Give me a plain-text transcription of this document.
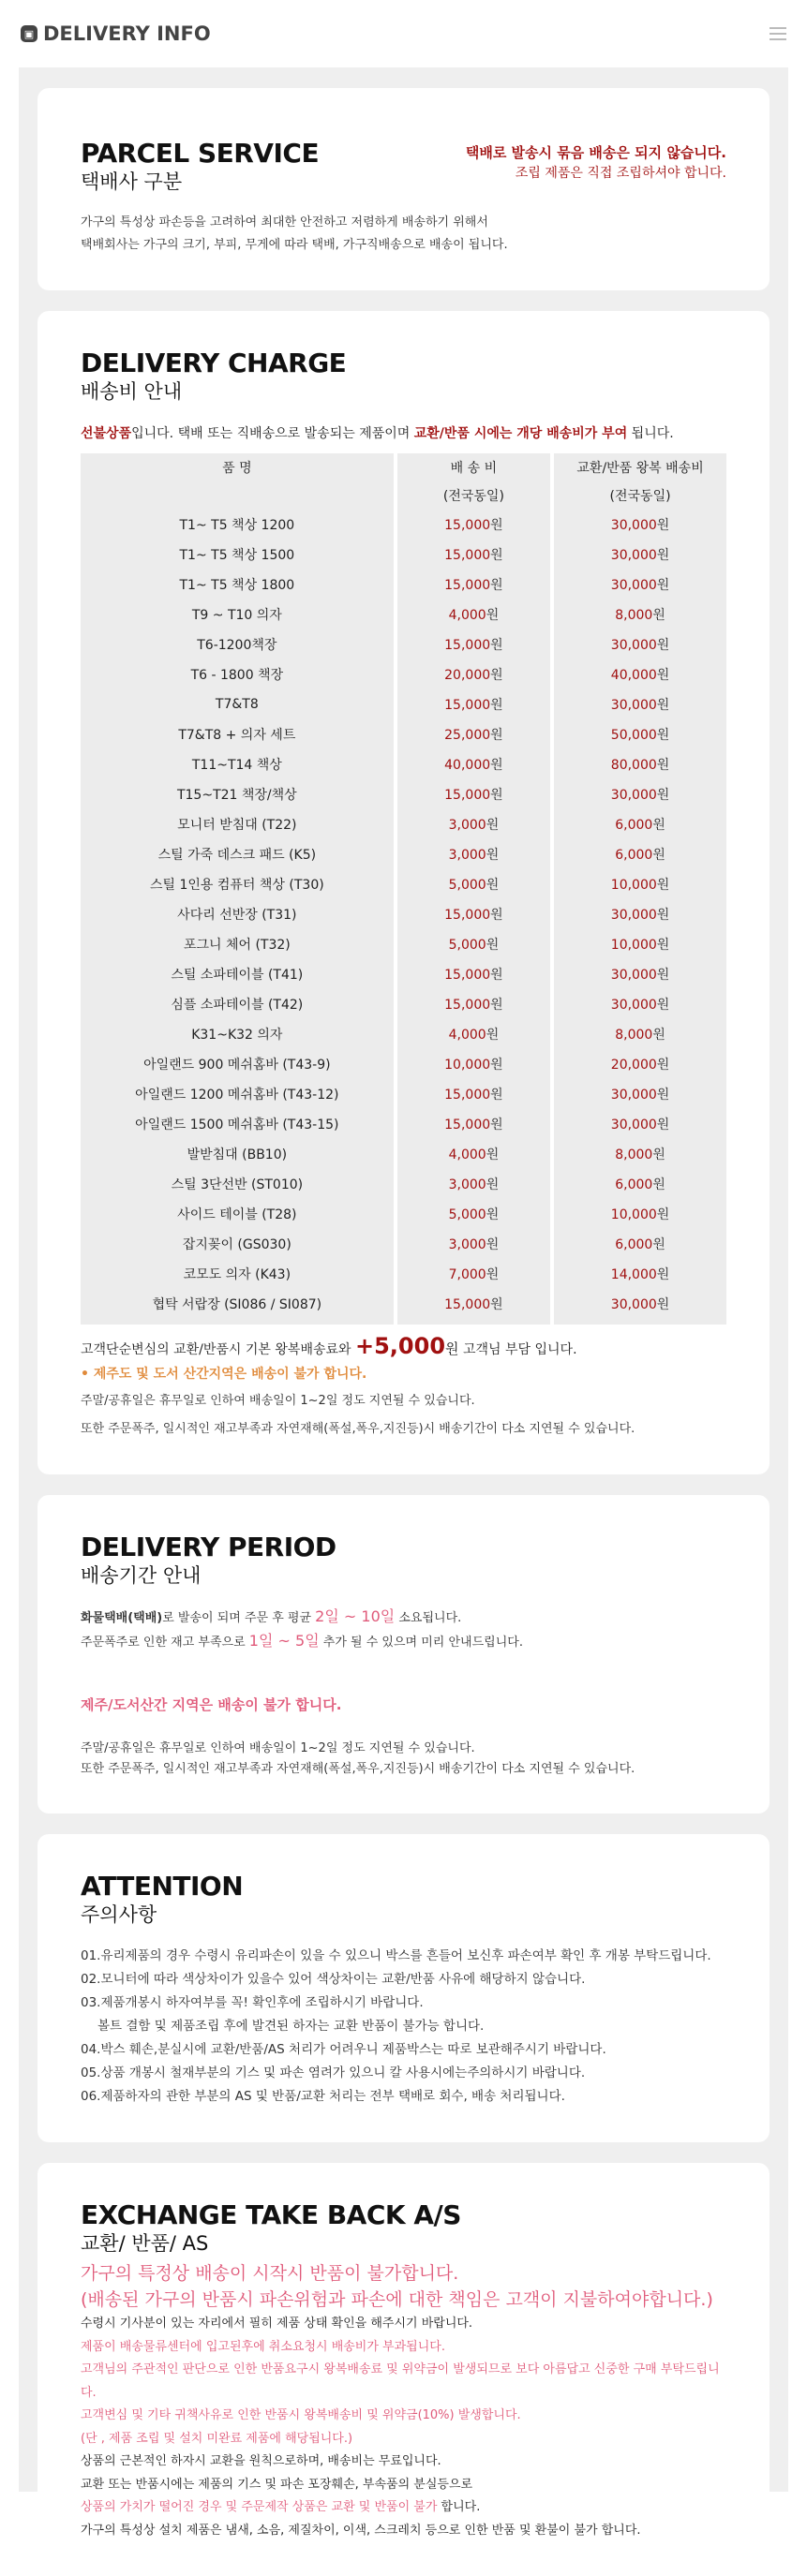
▣ DELIVERY INFO
PARCEL SERVICE
택배사 구분
택배로 발송시 묶음 배송은 되지 않습니다.
조립 제품은 직접 조립하셔야 합니다.
가구의 특성상 파손등을 고려하여 최대한 안전하고 저렴하게 배송하기 위해서
택배회사는 가구의 크기, 부피, 무게에 따라 택배, 가구직배송으로 배송이 됩니다.
DELIVERY CHARGE
배송비 안내
선불상품입니다. 택배 또는 직배송으로 발송되는 제품이며 교환/반품 시에는 개당 배송비가 부여 됩니다.
품 명	배 송 비	교환/반품 왕복 배송비
	(전국동일)	(전국동일)
T1~ T5 책상 1200	15,000원	30,000원
T1~ T5 책상 1500	15,000원	30,000원
T1~ T5 책상 1800	15,000원	30,000원
T9 ~ T10 의자	4,000원	8,000원
T6-1200책장	15,000원	30,000원
T6 - 1800 책장	20,000원	40,000원
T7&T8	15,000원	30,000원
T7&T8 + 의자 세트	25,000원	50,000원
T11~T14 책상	40,000원	80,000원
T15~T21 책장/책상	15,000원	30,000원
모니터 받침대 (T22)	3,000원	6,000원
스틸 가죽 데스크 패드 (K5)	3,000원	6,000원
스틸 1인용 컴퓨터 책상 (T30)	5,000원	10,000원
사다리 선반장 (T31)	15,000원	30,000원
포그니 체어 (T32)	5,000원	10,000원
스틸 소파테이블 (T41)	15,000원	30,000원
심플 소파테이블 (T42)	15,000원	30,000원
K31~K32 의자	4,000원	8,000원
아일랜드 900 메쉬홈바 (T43-9)	10,000원	20,000원
아일랜드 1200 메쉬홈바 (T43-12)	15,000원	30,000원
아일랜드 1500 메쉬홈바 (T43-15)	15,000원	30,000원
발받침대 (BB10)	4,000원	8,000원
스틸 3단선반 (ST010)	3,000원	6,000원
사이드 테이블 (T28)	5,000원	10,000원
잡지꽂이 (GS030)	3,000원	6,000원
코모도 의자 (K43)	7,000원	14,000원
협탁 서랍장 (SI086 / SI087)	15,000원	30,000원
고객단순변심의 교환/반품시 기본 왕복배송료와 +5,000원 고객님 부담 입니다.
• 제주도 및 도서 산간지역은 배송이 불가 합니다.
주말/공휴일은 휴무일로 인하여 배송일이 1~2일 정도 지연될 수 있습니다.
또한 주문폭주, 일시적인 재고부족과 자연재해(폭설,폭우,지진등)시 배송기간이 다소 지연될 수 있습니다.
DELIVERY PERIOD
배송기간 안내
화물택배(택배)로 발송이 되며 주문 후 평균 2일 ~ 10일 소요됩니다.
주문폭주로 인한 재고 부족으로 1일 ~ 5일 추가 될 수 있으며 미리 안내드립니다.
제주/도서산간 지역은 배송이 불가 합니다.
주말/공휴일은 휴무일로 인하여 배송일이 1~2일 정도 지연될 수 있습니다.
또한 주문폭주, 일시적인 재고부족과 자연재해(폭설,폭우,지진등)시 배송기간이 다소 지연될 수 있습니다.
ATTENTION
주의사항
01.유리제품의 경우 수령시 유리파손이 있을 수 있으니 박스를 흔들어 보신후 파손여부 확인 후 개봉 부탁드립니다.
02.모니터에 따라 색상차이가 있을수 있어 색상차이는 교환/반품 사유에 해당하지 않습니다.
03.제품개봉시 하자여부를 꼭! 확인후에 조립하시기 바랍니다.
볼트 결함 및 제품조립 후에 발견된 하자는 교환 반품이 불가능 합니다.
04.박스 훼손,분실시에 교환/반품/AS 처리가 어려우니 제품박스는 따로 보관해주시기 바랍니다.
05.상품 개봉시 철재부분의 기스 및 파손 염려가 있으니 칼 사용시에는주의하시기 바랍니다.
06.제품하자의 관한 부분의 AS 및 반품/교환 처리는 전부 택배로 회수, 배송 처리됩니다.
EXCHANGE TAKE BACK A/S
교환/ 반품/ AS
가구의 특정상 배송이 시작시 반품이 불가합니다.
(배송된 가구의 반품시 파손위험과 파손에 대한 책임은 고객이 지불하여야합니다.)
수령시 기사분이 있는 자리에서 필히 제품 상태 확인을 해주시기 바랍니다.
제품이 배송물류센터에 입고된후에 취소요청시 배송비가 부과됩니다.
고객님의 주관적인 판단으로 인한 반품요구시 왕복배송료 및 위약금이 발생되므로 보다 아름답고 신중한 구매 부탁드립니다.
고객변심 및 기타 귀책사유로 인한 반품시 왕복배송비 및 위약금(10%) 발생합니다.
(단 , 제품 조립 및 설치 미완료 제품에 해당됩니다.)
상품의 근본적인 하자시 교환을 원칙으로하며, 배송비는 무료입니다.
교환 또는 반품시에는 제품의 기스 및 파손 포장훼손, 부속품의 분실등으로
상품의 가치가 떨어진 경우 및 주문제작 상품은 교환 및 반품이 불가 합니다.
가구의 특성상 설치 제품은 냄새, 소음, 제질차이, 이색, 스크레치 등으로 인한 반품 및 환불이 불가 합니다.
